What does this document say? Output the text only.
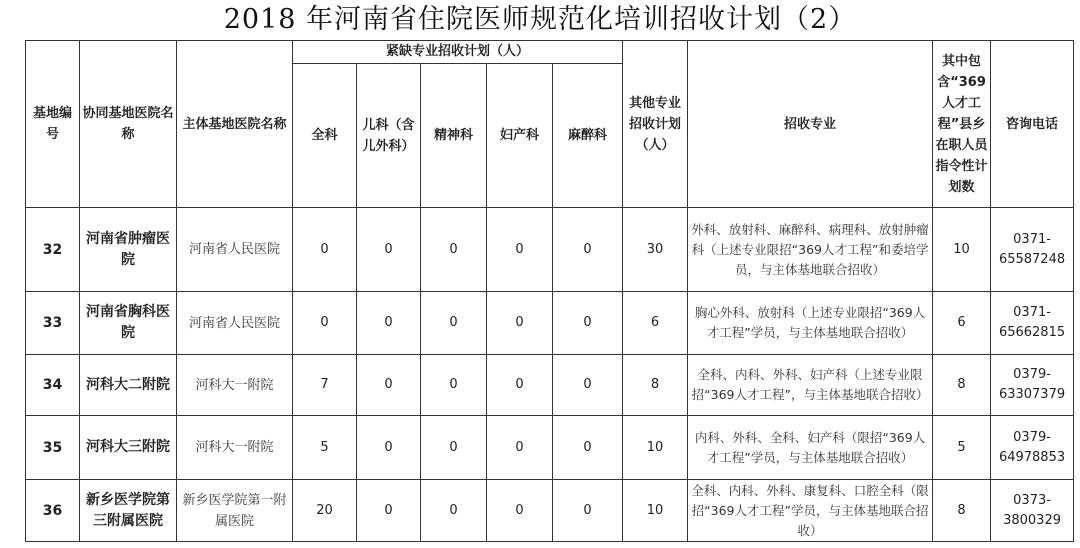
2018 年河南省住院医师规范化培训招收计划（2）
基地编号	协同基地医院名称	主体基地医院名称	紧缺专业招收计划（人）					其他专业招收计划（人）	招收专业	其中包含“369人才工程”县乡在职人员指令性计划数	咨询电话
			全科	儿科（含儿外科）	精神科	妇产科	麻醉科				
32	河南省肿瘤医院	河南省人民医院	0	0	0	0	0	30	外科、放射科、麻醉科、病理科、放射肿瘤科（上述专业限招“369人才工程”和委培学员，与主体基地联合招收）	10	0371-65587248
33	河南省胸科医院	河南省人民医院	0	0	0	0	0	6	胸心外科、放射科（上述专业限招“369人才工程”学员，与主体基地联合招收）	6	0371-65662815
34	河科大二附院	河科大一附院	7	0	0	0	0	8	全科、内科、外科、妇产科（上述专业限招“369人才工程”，与主体基地联合招收）	8	0379-63307379
35	河科大三附院	河科大一附院	5	0	0	0	0	10	内科、外科、全科、妇产科（限招“369人才工程”学员，与主体基地联合招收）	5	0379-64978853
36	新乡医学院第三附属医院	新乡医学院第一附属医院	20	0	0	0	0	10	全科、内科、外科、康复科、口腔全科（限招“369人才工程”学员，与主体基地联合招收）	8	0373-3800329
